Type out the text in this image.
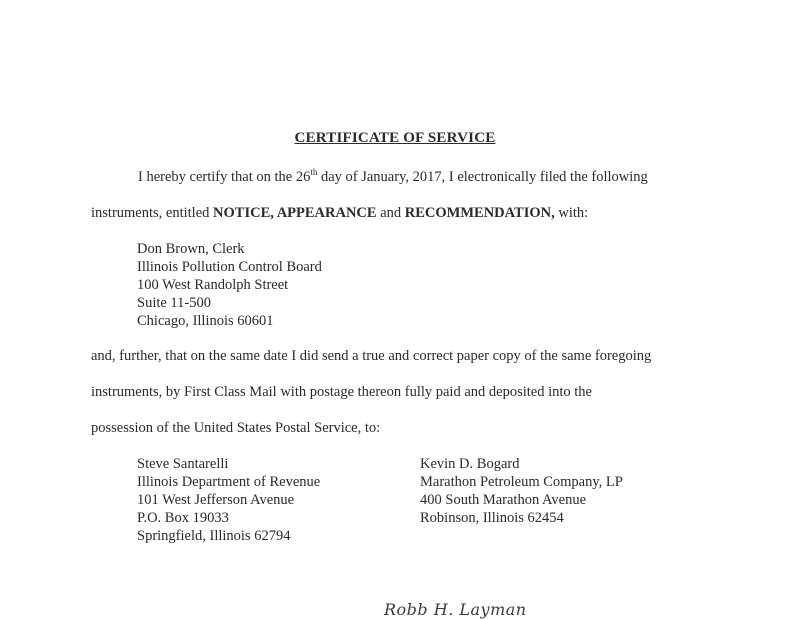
CERTIFICATE OF SERVICE
I hereby certify that on the 26th day of January, 2017, I electronically filed the following
instruments, entitled NOTICE, APPEARANCE and RECOMMENDATION, with:
Don Brown, Clerk
Illinois Pollution Control Board
100 West Randolph Street
Suite 11-500
Chicago, Illinois 60601
and, further, that on the same date I did send a true and correct paper copy of the same foregoing
instruments, by First Class Mail with postage thereon fully paid and deposited into the
possession of the United States Postal Service, to:
Steve Santarelli
Illinois Department of Revenue
101 West Jefferson Avenue
P.O. Box 19033
Springfield, Illinois 62794
Kevin D. Bogard
Marathon Petroleum Company, LP
400 South Marathon Avenue
Robinson, Illinois 62454
Robb H. Layman
